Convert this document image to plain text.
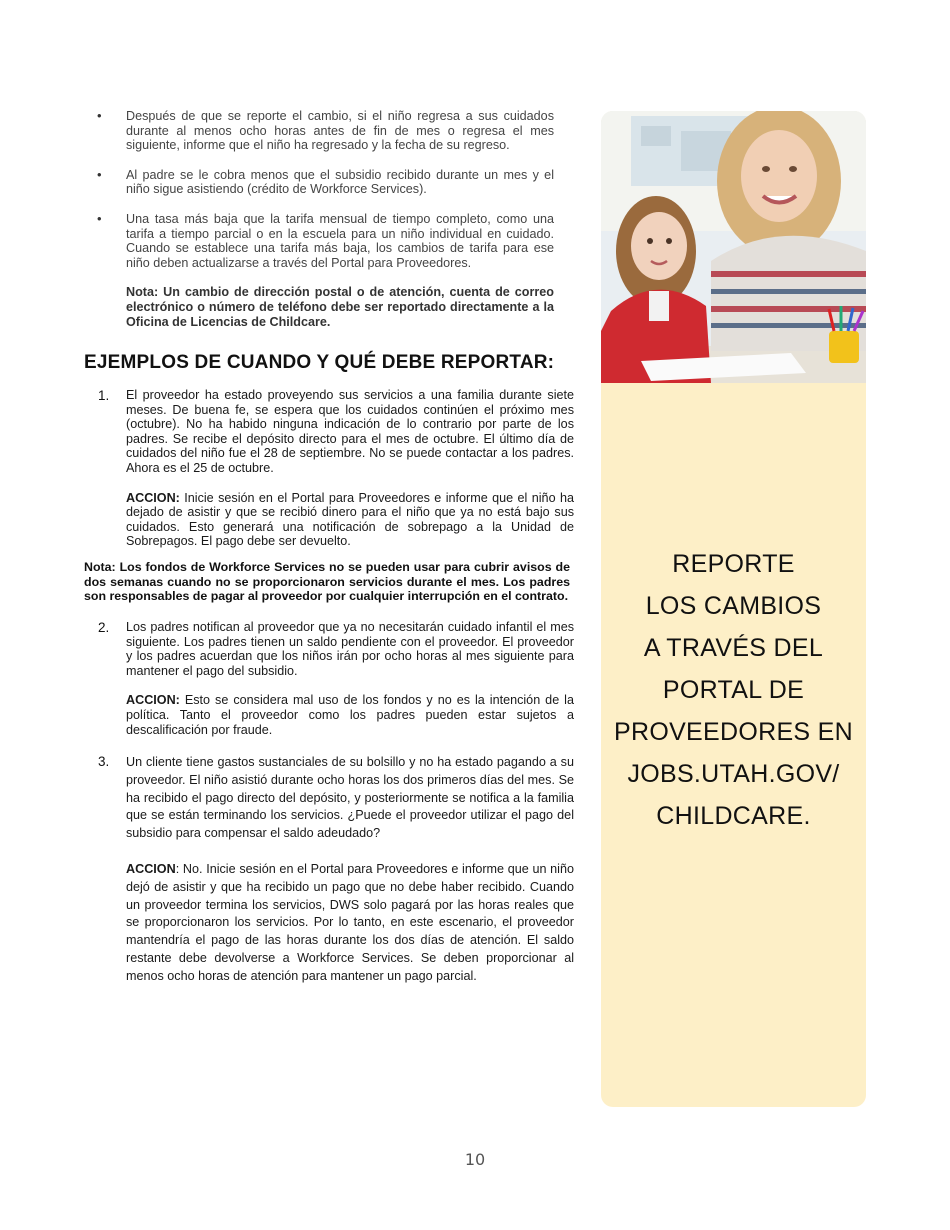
• Después de que se reporte el cambio, si el niño regresa a sus cuidados durante al menos ocho horas antes de fin de mes o regresa el mes siguiente, informe que el niño ha regresado y la fecha de su regreso.
• Al padre se le cobra menos que el subsidio recibido durante un mes y el niño sigue asistiendo (crédito de Workforce Services).
• Una tasa más baja que la tarifa mensual de tiempo completo, como una tarifa a tiempo parcial o en la escuela para un niño individual en cuidado. Cuando se establece una tarifa más baja, los cambios de tarifa para ese niño deben actualizarse a través del Portal para Proveedores.
Nota: Un cambio de dirección postal o de atención, cuenta de correo electrónico o número de teléfono debe ser reportado directamente a la Oficina de Licencias de Childcare.
EJEMPLOS DE CUANDO Y QUÉ DEBE REPORTAR:
1. El proveedor ha estado proveyendo sus servicios a una familia durante siete meses. De buena fe, se espera que los cuidados continúen el próximo mes (octubre). No ha habido ninguna indicación de lo contrario por parte de los padres. Se recibe el depósito directo para el mes de octubre. El último día de cuidados del niño fue el 28 de septiembre. No se puede contactar a los padres. Ahora es el 25 de octubre.
ACCION: Inicie sesión en el Portal para Proveedores e informe que el niño ha dejado de asistir y que se recibió dinero para el niño que ya no está bajo sus cuidados. Esto generará una notificación de sobrepago a la Unidad de Sobrepagos. El pago debe ser devuelto.
Nota: Los fondos de Workforce Services no se pueden usar para cubrir avisos de dos semanas cuando no se proporcionaron servicios durante el mes. Los padres son responsables de pagar al proveedor por cualquier interrupción en el contrato.
2. Los padres notifican al proveedor que ya no necesitarán cuidado infantil el mes siguiente. Los padres tienen un saldo pendiente con el proveedor. El proveedor y los padres acuerdan que los niños irán por ocho horas al mes siguiente para mantener el pago del subsidio.
ACCION: Esto se considera mal uso de los fondos y no es la intención de la política. Tanto el proveedor como los padres pueden estar sujetos a descalificación por fraude.
3. Un cliente tiene gastos sustanciales de su bolsillo y no ha estado pagando a su proveedor. El niño asistió durante ocho horas los dos primeros días del mes. Se ha recibido el pago directo del depósito, y posteriormente se notifica a la familia que se están terminando los servicios. ¿Puede el proveedor utilizar el pago del subsidio para compensar el saldo adeudado?
ACCION: No. Inicie sesión en el Portal para Proveedores e informe que un niño dejó de asistir y que ha recibido un pago que no debe haber recibido. Cuando un proveedor termina los servicios, DWS solo pagará por las horas reales que se proporcionaron los servicios. Por lo tanto, en este escenario, el proveedor mantendría el pago de las horas durante los dos días de atención. El saldo restante debe devolverse a Workforce Services. Se deben proporcionar al menos ocho horas de atención para mantener un pago parcial.
REPORTE
LOS CAMBIOS
A TRAVÉS DEL
PORTAL DE
PROVEEDORES EN
JOBS.UTAH.GOV/
CHILDCARE.
10
